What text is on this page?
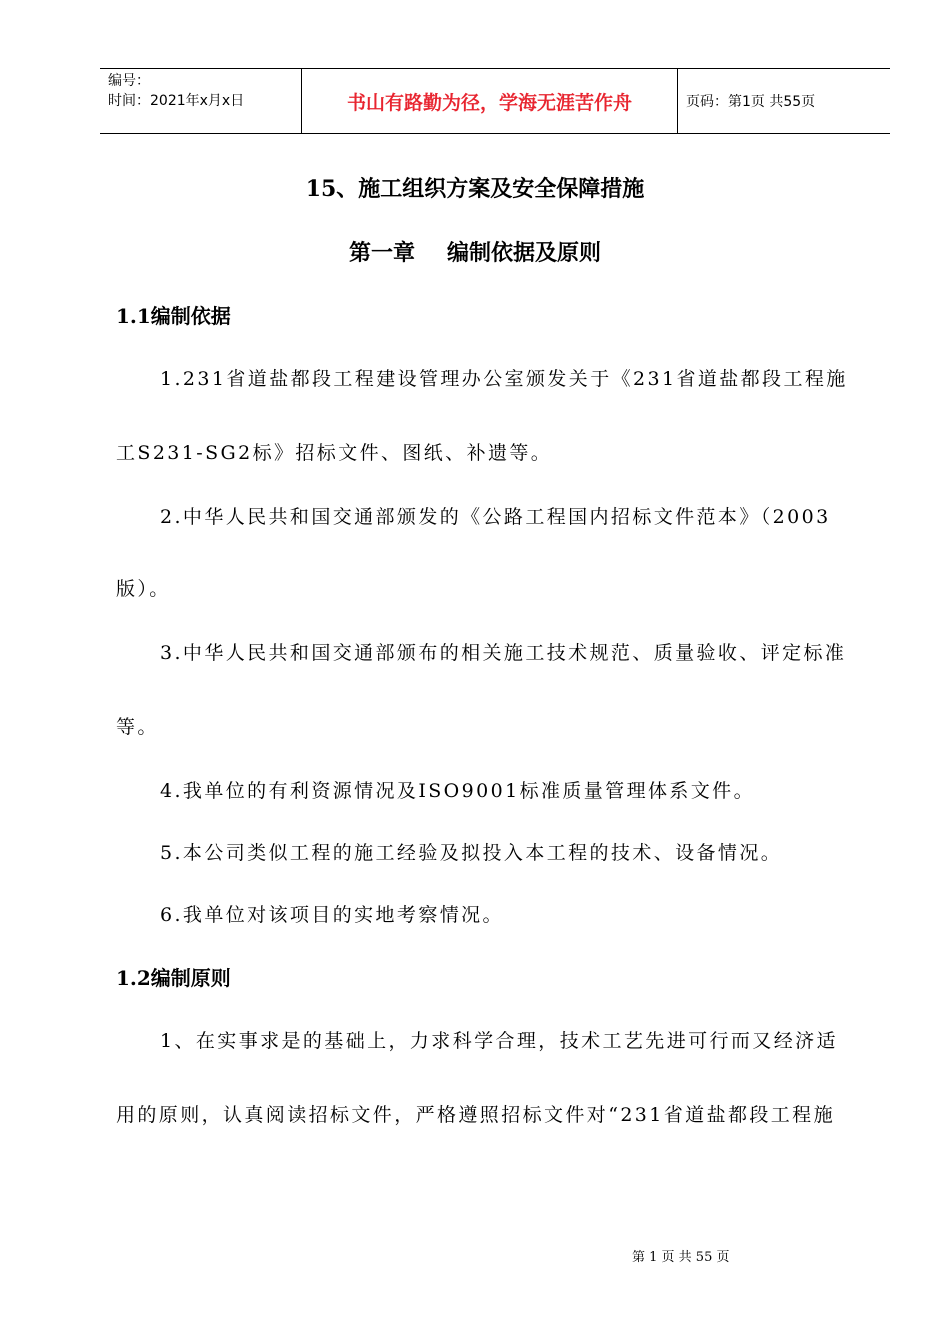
编号：
时间：2021年x月x日	书山有路勤为径，学海无涯苦作舟	页码：第1页 共55页
15、施工组织方案及安全保障措施
第一章 编制依据及原则
1.1编制依据
1.231省道盐都段工程建设管理办公室颁发关于《231省道盐都段工程施
工S231-SG2标》招标文件、图纸、补遗等。
2.中华人民共和国交通部颁发的《公路工程国内招标文件范本》（2003
版）。
3.中华人民共和国交通部颁布的相关施工技术规范、质量验收、评定标准
等。
4.我单位的有利资源情况及ISO9001标准质量管理体系文件。
5.本公司类似工程的施工经验及拟投入本工程的技术、设备情况。
6.我单位对该项目的实地考察情况。
1.2编制原则
1、在实事求是的基础上，力求科学合理，技术工艺先进可行而又经济适
用的原则，认真阅读招标文件，严格遵照招标文件对“231省道盐都段工程施
第 1 页 共 55 页
